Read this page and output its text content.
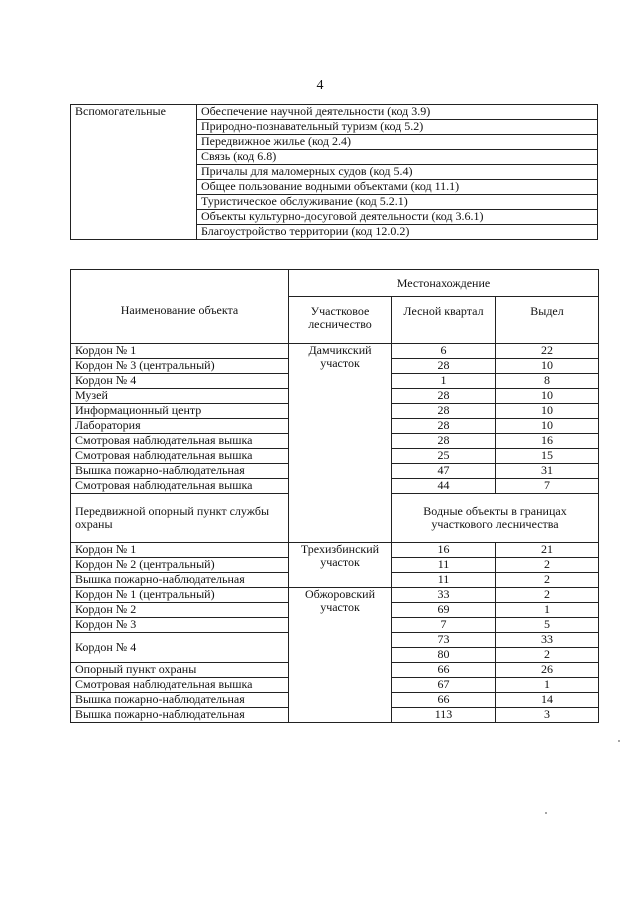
4
Вспомогательные	Обеспечение научной деятельности (код 3.9)
Природно-познавательный туризм (код 5.2)
Передвижное жилье (код 2.4)
Связь (код 6.8)
Причалы для маломерных судов (код 5.4)
Общее пользование водными объектами (код 11.1)
Туристическое обслуживание (код 5.2.1)
Объекты культурно-досуговой деятельности (код 3.6.1)
Благоустройство территории (код 12.0.2)
Наименование объекта	Местонахождение		
	Участковое лесничество	Лесной квартал	Выдел
Кордон № 1	Дамчикский участок	6	22
Кордон № 3 (центральный)		28	10
Кордон № 4		1	8
Музей		28	10
Информационный центр		28	10
Лаборатория		28	10
Смотровая наблюдательная вышка		28	16
Смотровая наблюдательная вышка		25	15
Вышка пожарно-наблюдательная		47	31
Смотровая наблюдательная вышка		44	7
Передвижной опорный пункт службы охраны		Водные объекты в границах участкового лесничества	
Кордон № 1	Трехизбинский участок	16	21
Кордон № 2 (центральный)		11	2
Вышка пожарно-наблюдательная		11	2
Кордон № 1 (центральный)	Обжоровский участок	33	2
Кордон № 2		69	1
Кордон № 3		7	5
Кордон № 4		73	33
		80	2
Опорный пункт охраны		66	26
Смотровая наблюдательная вышка		67	1
Вышка пожарно-наблюдательная		66	14
Вышка пожарно-наблюдательная		113	3
